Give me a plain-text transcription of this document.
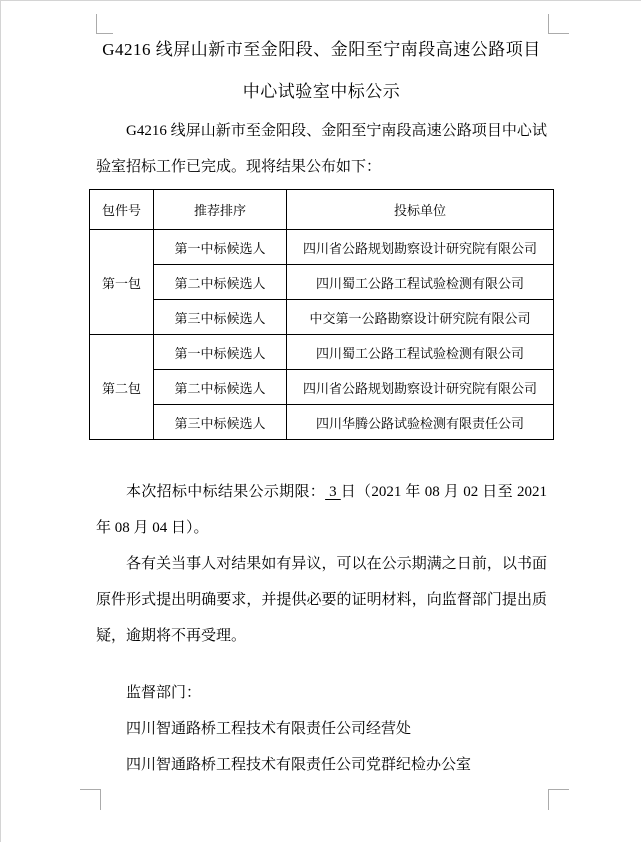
G4216 线屏山新市至金阳段、金阳至宁南段高速公路项目
中心试验室中标公示

G4216 线屏山新市至金阳段、金阳至宁南段高速公路项目中心试验室招标工作已完成。现将结果公布如下：

包件号	推荐排序	投标单位
第一包	第一中标候选人	四川省公路规划勘察设计研究院有限公司
	第二中标候选人	四川蜀工公路工程试验检测有限公司
	第三中标候选人	中交第一公路勘察设计研究院有限公司
第二包	第一中标候选人	四川蜀工公路工程试验检测有限公司
	第二中标候选人	四川省公路规划勘察设计研究院有限公司
	第三中标候选人	四川华腾公路试验检测有限责任公司

本次招标中标结果公示期限： 3 日（2021 年 08 月 02 日至 2021 年 08 月 04 日）。

各有关当事人对结果如有异议，可以在公示期满之日前，以书面原件形式提出明确要求，并提供必要的证明材料，向监督部门提出质疑，逾期将不再受理。

监督部门：

四川智通路桥工程技术有限责任公司经营处

四川智通路桥工程技术有限责任公司党群纪检办公室
